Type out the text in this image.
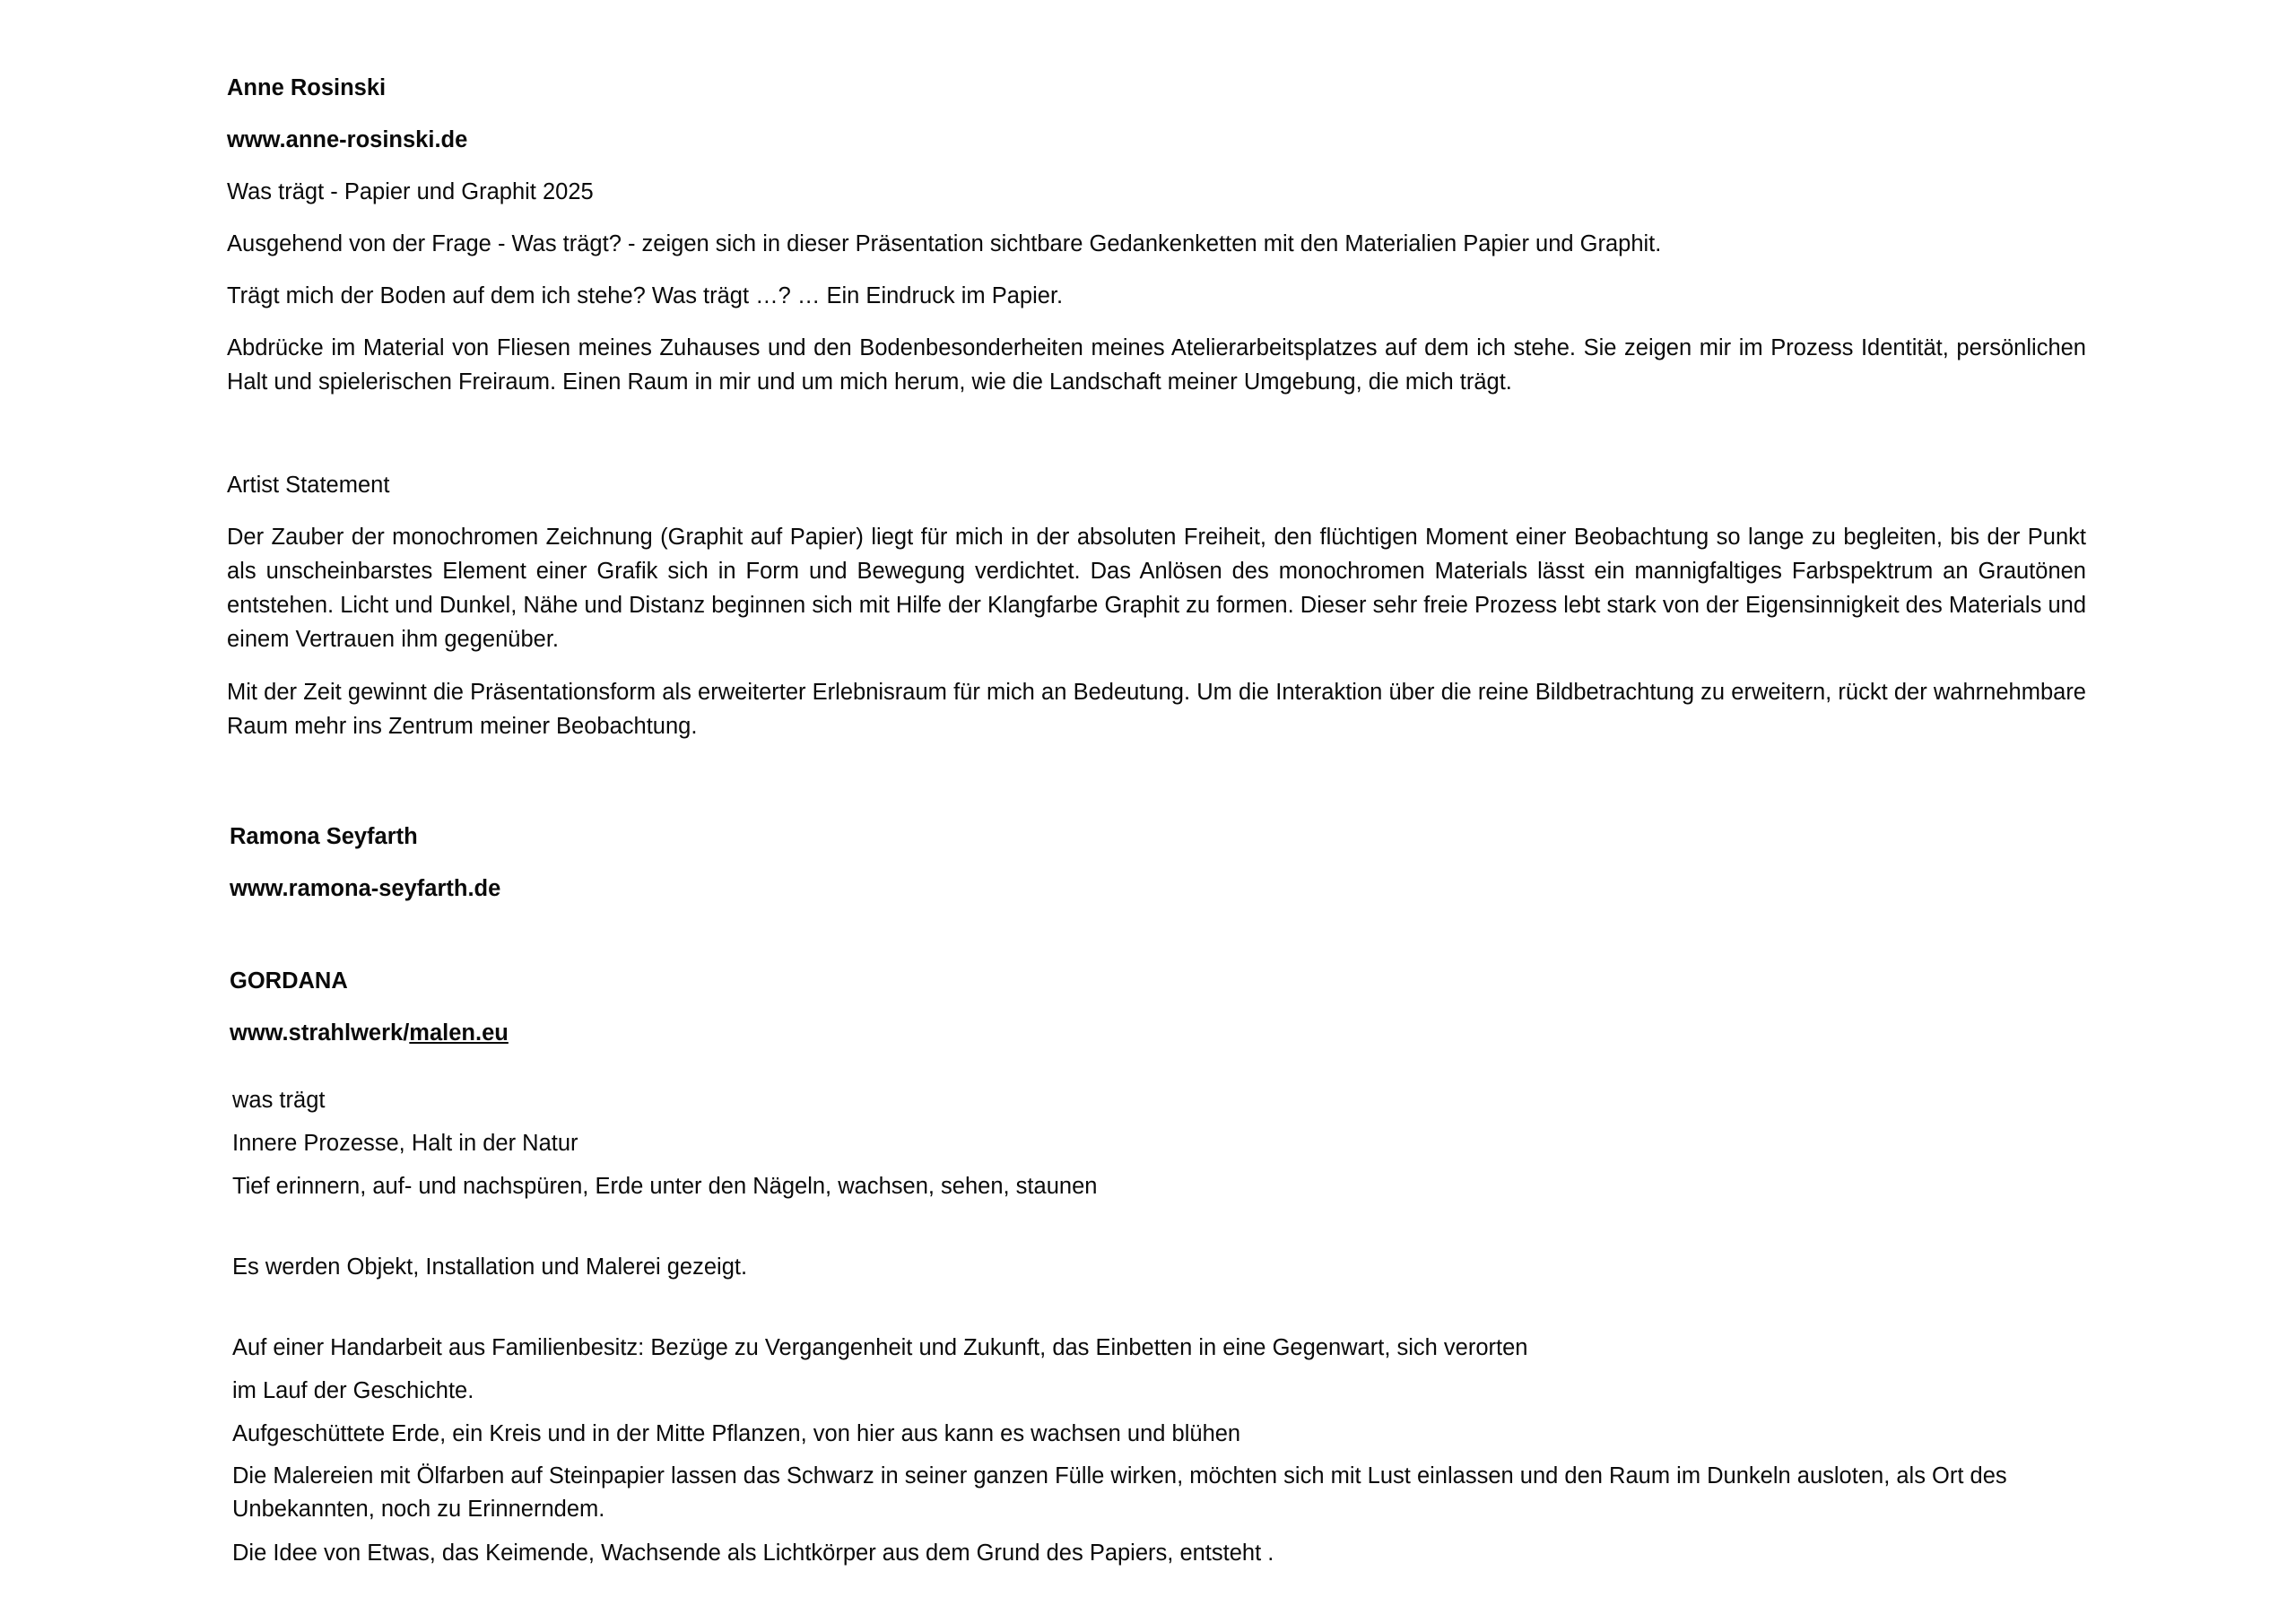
Anne Rosinski

www.anne-rosinski.de

Was trägt - Papier und Graphit 2025

Ausgehend von der Frage - Was trägt? - zeigen sich in dieser Präsentation sichtbare Gedankenketten mit den Materialien Papier und Graphit.

Trägt mich der Boden auf dem ich stehe? Was trägt …? … Ein Eindruck im Papier.

Abdrücke im Material von Fliesen meines Zuhauses und den Bodenbesonderheiten meines Atelierarbeitsplatzes auf dem ich stehe. Sie zeigen mir im Prozess Identität, persönlichen Halt und spielerischen Freiraum. Einen Raum in mir und um mich herum, wie die Landschaft meiner Umgebung, die mich trägt.

Artist Statement

Der Zauber der monochromen Zeichnung (Graphit auf Papier) liegt für mich in der absoluten Freiheit, den flüchtigen Moment einer Beobachtung so lange zu begleiten, bis der Punkt als unscheinbarstes Element einer Grafik sich in Form und Bewegung verdichtet. Das Anlösen des monochromen Materials lässt ein mannigfaltiges Farbspektrum an Grautönen entstehen. Licht und Dunkel, Nähe und Distanz beginnen sich mit Hilfe der Klangfarbe Graphit zu formen. Dieser sehr freie Prozess lebt stark von der Eigensinnigkeit des Materials und einem Vertrauen ihm gegenüber.

Mit der Zeit gewinnt die Präsentationsform als erweiterter Erlebnisraum für mich an Bedeutung. Um die Interaktion über die reine Bildbetrachtung zu erweitern, rückt der wahrnehmbare Raum mehr ins Zentrum meiner Beobachtung.

Ramona Seyfarth

www.ramona-seyfarth.de

GORDANA

www.strahlwerk/malen.eu

was trägt

Innere Prozesse, Halt in der Natur

Tief erinnern, auf- und nachspüren, Erde unter den Nägeln, wachsen, sehen, staunen

Es werden Objekt, Installation und Malerei gezeigt.

Auf einer Handarbeit aus Familienbesitz: Bezüge zu Vergangenheit und Zukunft, das Einbetten in eine Gegenwart, sich verorten

im Lauf der Geschichte.

Aufgeschüttete Erde, ein Kreis und in der Mitte Pflanzen, von hier aus kann es wachsen und blühen

Die Malereien mit Ölfarben auf Steinpapier lassen das Schwarz in seiner ganzen Fülle wirken, möchten sich mit Lust einlassen und den Raum im Dunkeln ausloten, als Ort des Unbekannten, noch zu Erinnerndem.

Die Idee von Etwas, das Keimende, Wachsende als Lichtkörper aus dem Grund des Papiers, entsteht .
